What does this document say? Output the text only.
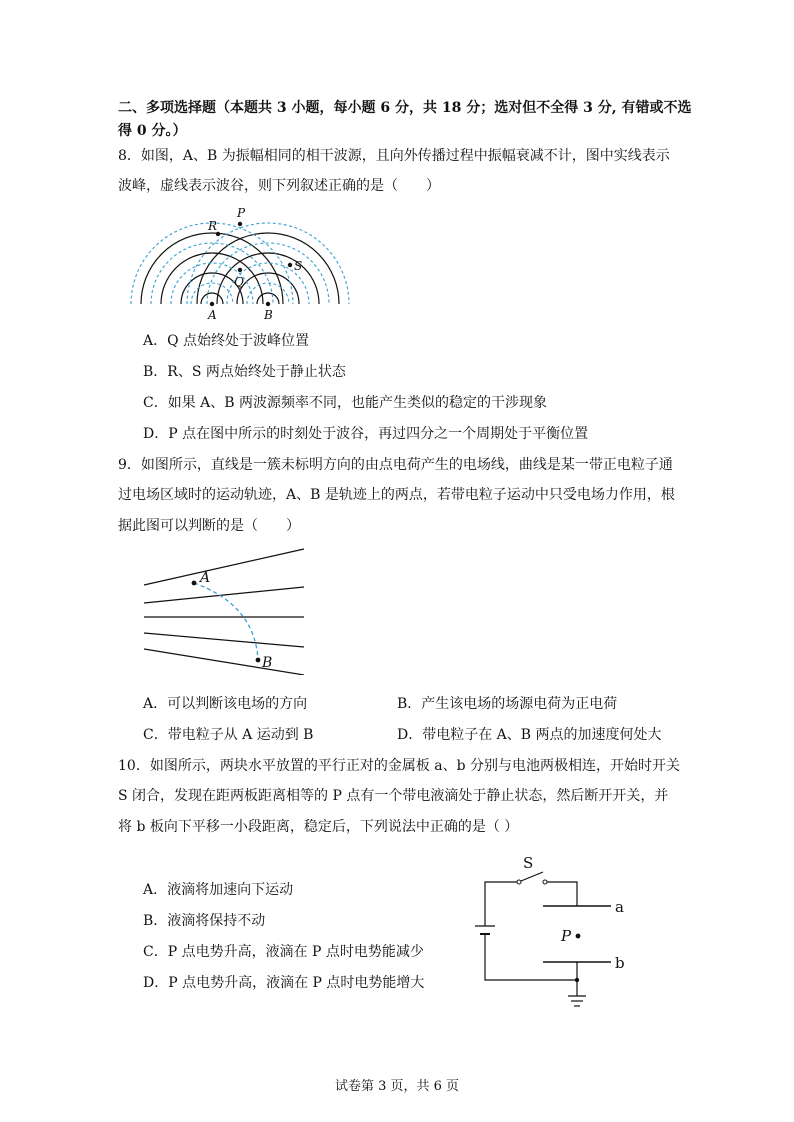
二、多项选择题（本题共 3 小题，每小题 6 分，共 18 分；选对但不全得 3 分, 有错或不选
得 0 分。）
8．如图，A、B 为振幅相同的相干波源，且向外传播过程中振幅衰减不计，图中实线表示
波峰，虚线表示波谷，则下列叙述正确的是（　　）
A	B
Q
P
R
S
A．Q 点始终处于波峰位置
B．R、S 两点始终处于静止状态
C．如果 A、B 两波源频率不同，也能产生类似的稳定的干涉现象
D．P 点在图中所示的时刻处于波谷，再过四分之一个周期处于平衡位置
9．如图所示，直线是一簇未标明方向的由点电荷产生的电场线，曲线是某一带正电粒子通
过电场区域时的运动轨迹，A、B 是轨迹上的两点，若带电粒子运动中只受电场力作用，根
据此图可以判断的是（　　）
A
B
A．可以判断该电场的方向	B．产生该电场的场源电荷为正电荷
C．带电粒子从 A 运动到 B	D．带电粒子在 A、B 两点的加速度何处大
10．如图所示，两块水平放置的平行正对的金属板 a、b 分别与电池两极相连，开始时开关
S 闭合，发现在距两板距离相等的 P 点有一个带电液滴处于静止状态，然后断开开关，并
将 b 板向下平移一小段距离，稳定后，下列说法中正确的是（ ）
A．液滴将加速向下运动
B．液滴将保持不动
C．P 点电势升高，液滴在 P 点时电势能减少
D．P 点电势升高，液滴在 P 点时电势能增大
S
a
b
P
试卷第 3 页，共 6 页
